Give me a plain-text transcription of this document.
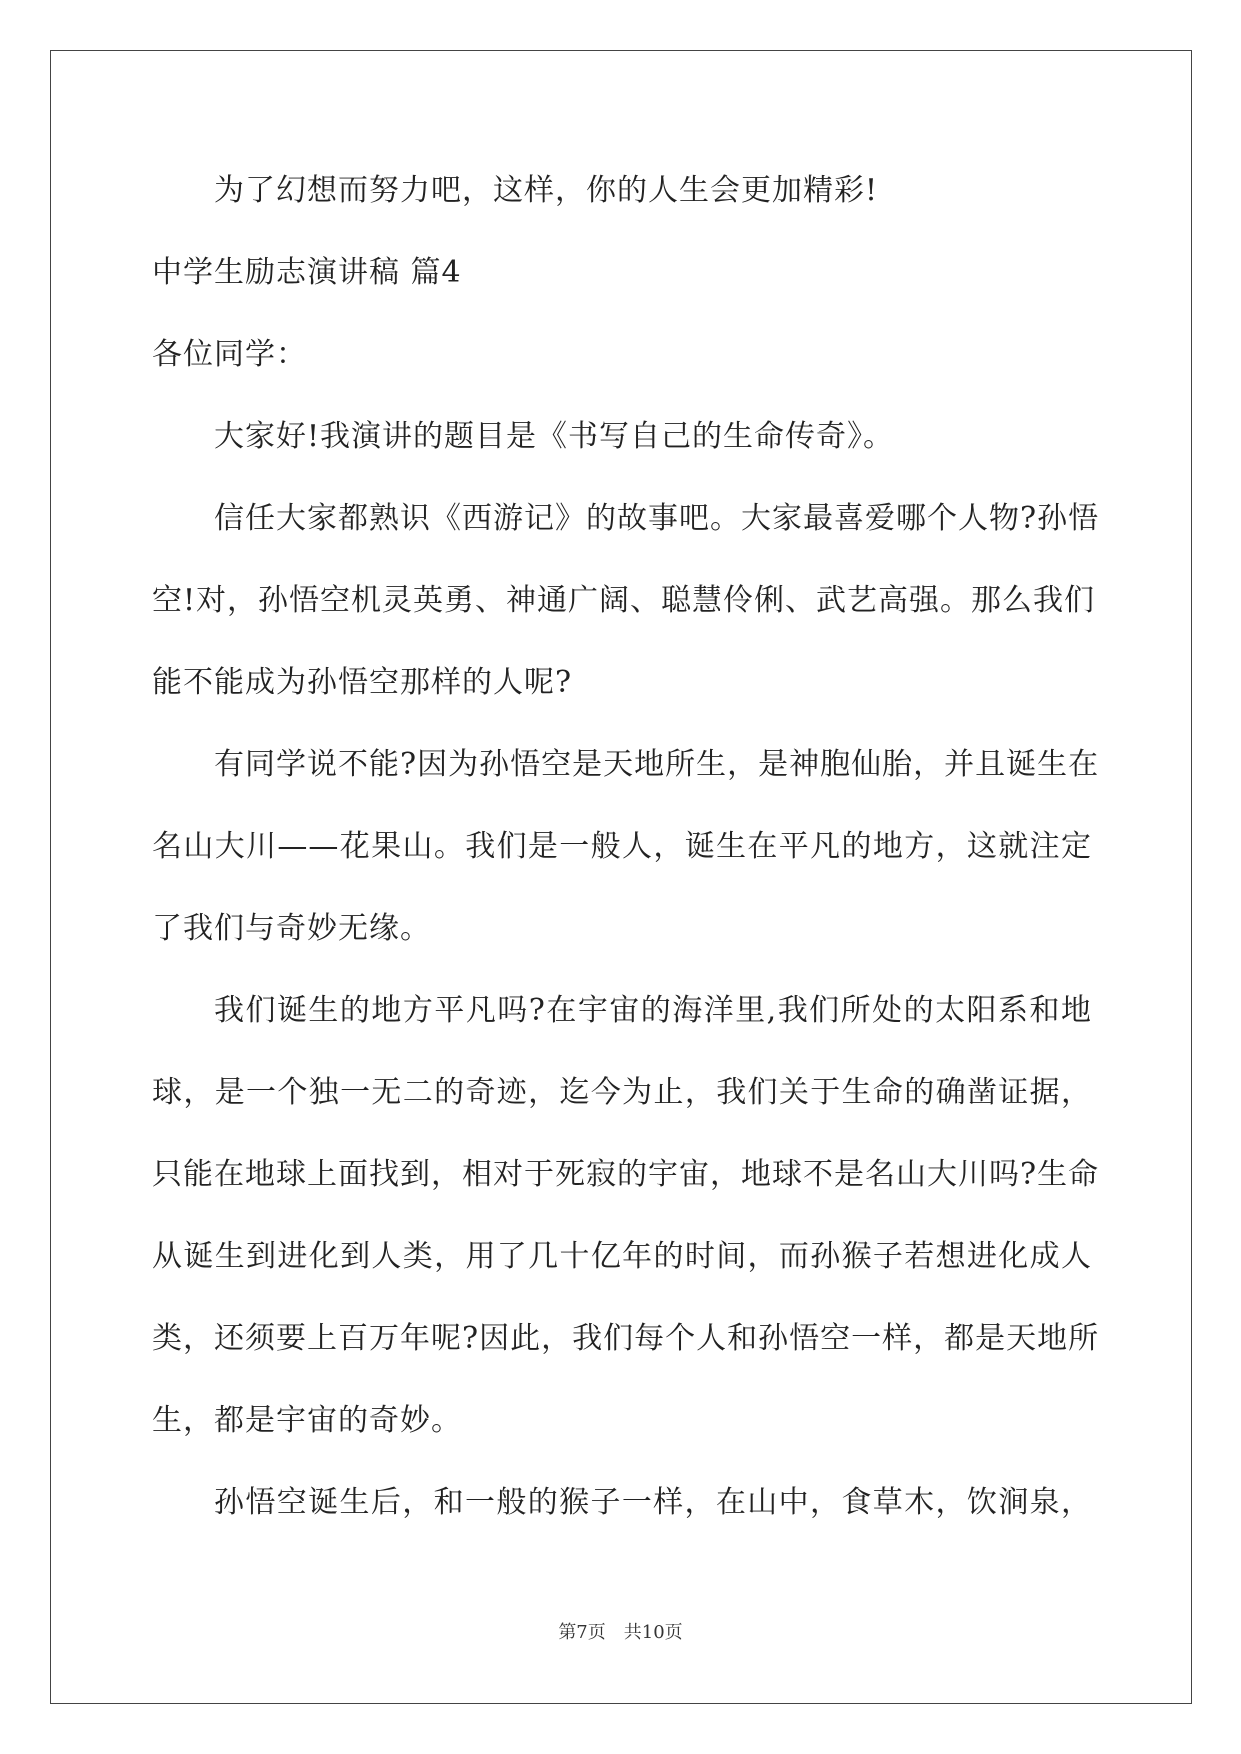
为了幻想而努力吧，这样，你的人生会更加精彩!
中学生励志演讲稿 篇4
各位同学：
大家好!我演讲的题目是《书写自己的生命传奇》。
信任大家都熟识《西游记》的故事吧。大家最喜爱哪个人物?孙悟
空!对，孙悟空机灵英勇、神通广阔、聪慧伶俐、武艺高强。那么我们
能不能成为孙悟空那样的人呢?
有同学说不能?因为孙悟空是天地所生，是神胞仙胎，并且诞生在
名山大川——花果山。我们是一般人，诞生在平凡的地方，这就注定
了我们与奇妙无缘。
我们诞生的地方平凡吗?在宇宙的海洋里,我们所处的太阳系和地
球，是一个独一无二的奇迹，迄今为止，我们关于生命的确凿证据，
只能在地球上面找到，相对于死寂的宇宙，地球不是名山大川吗?生命
从诞生到进化到人类，用了几十亿年的时间，而孙猴子若想进化成人
类，还须要上百万年呢?因此，我们每个人和孙悟空一样，都是天地所
生，都是宇宙的奇妙。
孙悟空诞生后，和一般的猴子一样，在山中，食草木，饮涧泉，
第7页　共10页
